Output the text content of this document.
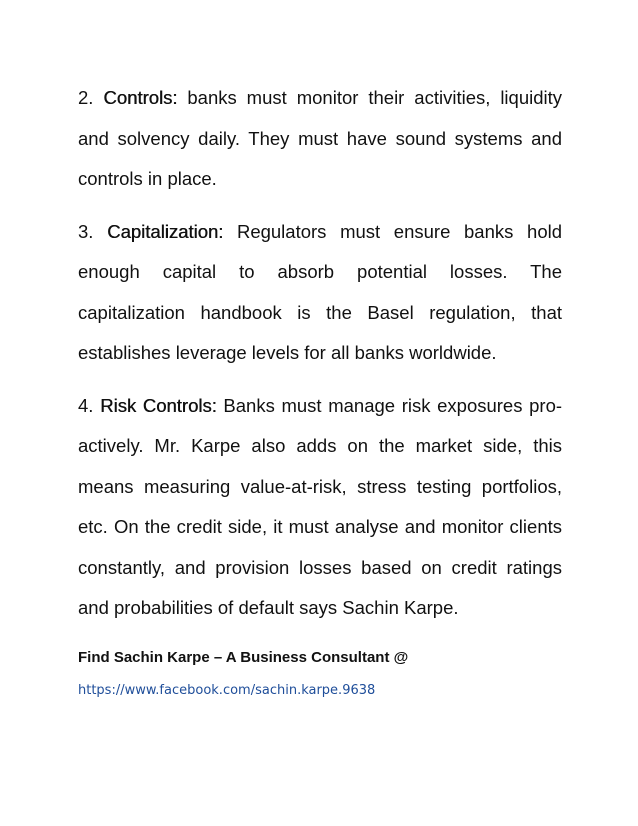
2. Controls: banks must monitor their activities, liquidity and solvency daily. They must have sound systems and controls in place.

3. Capitalization: Regulators must ensure banks hold enough capital to absorb potential losses. The capitalization handbook is the Basel regulation, that establishes leverage levels for all banks worldwide.

4. Risk Controls: Banks must manage risk exposures pro-actively. Mr. Karpe also adds on the market side, this means measuring value-at-risk, stress testing portfolios, etc. On the credit side, it must analyse and monitor clients constantly, and provision losses based on credit ratings and probabilities of default says Sachin Karpe.

Find Sachin Karpe – A Business Consultant @
https://www.facebook.com/sachin.karpe.9638
